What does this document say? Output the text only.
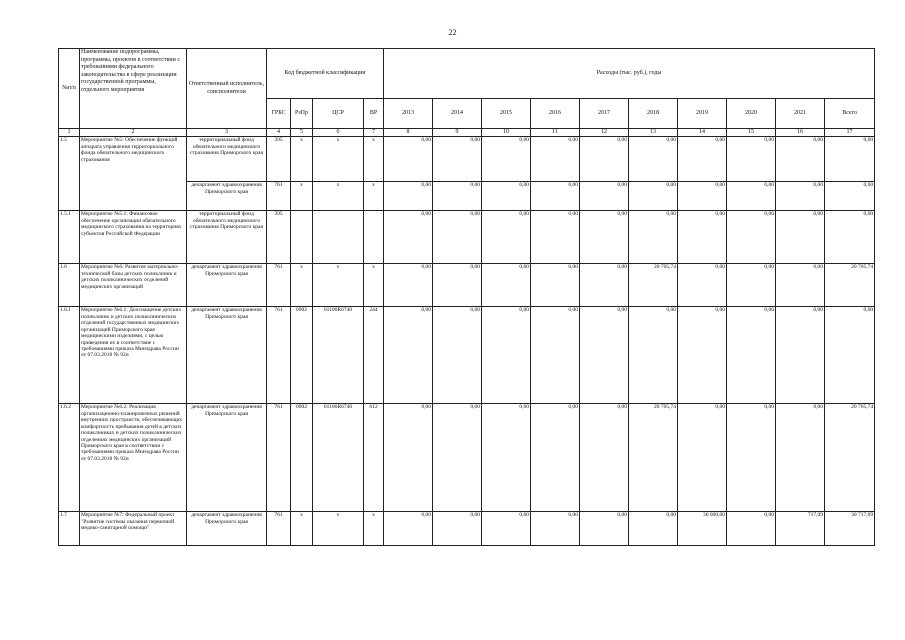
22
№п/п	Наименование подпрограммы, программы, проектов в соответствии с требованиями федерального законодательства в сфере реализации государственной программы, отдельного мероприятия	Ответственный исполнитель, соисполнители	Код бюджетной классификации				Расходы (тыс. руб.), годы									
			ГРБС	РзПр	ЦСР	ВР	2013	2014	2015	2016	2017	2018	2019	2020	2021	Всего
1	2	3	4	5	6	7	8	9	10	11	12	13	14	15	16	17
1.5	Мероприятие №5: Обеспечение функций аппарата управления территориального фонда обязательного медицинского страхования	территориальный фонд обязательного медицинского страхования Приморского края	395	х	х	х	0,00	0,00	0,00	0,00	0,00	0,00	0,00	0,00	0,00	0,00
		департамент здравоохранения Приморского края	761	х	х	х	0,00	0,00	0,00	0,00	0,00	0,00	0,00	0,00	0,00	0,00
1.5.1	Мероприятие №5.1: Финансовое обеспечение организации обязательного медицинского страхования на территориях субъектов Российской Федерации	территориальный фонд обязательного медицинского страхования Приморского края	395				0,00	0,00	0,00	0,00	0,00	0,00	0,00	0,00	0,00	0,00
1.6	Мероприятие №6: Развитие материально-технической базы детских поликлиник и детских поликлинических отделений медицинских организаций	департамент здравоохранения Приморского края	761	х	х	х	0,00	0,00	0,00	0,00	0,00	20 705,74	0,00	0,00	0,00	20 705,74
1.6.1	Мероприятие №6.1: Дооснащение детских поликлиник и детских поликлинических отделений государственных медицинских организаций Приморского края медицинскими изделиями, с целью приведения их в соответствие с требованиями приказа Минздрава России от 07.03.2018 № 92н	департамент здравоохранения Приморского края	761	0902	01106R6740	244	0,00	0,00	0,00	0,00	0,00	0,00	0,00	0,00	0,00	0,00
1.6.2	Мероприятие №6.2: Реализация организационно-планировочных решений внутренних пространств, обеспечивающих комфортность пребывания детей в детских поликлиниках и детских поликлинических отделениях медицинских организаций Приморского края в соответствии с требованиями приказа Минздрава России от 07.03.2018 № 92н	департамент здравоохранения Приморского края	761	0902	01106R6740	612	0,00	0,00	0,00	0,00	0,00	20 705,74	0,00	0,00	0,00	20 705,74
1.7	Мероприятие №7: Федеральный проект "Развитие системы оказания первичной медико-санитарной помощи"	департамент здравоохранения Приморского края	761	х	х	х	0,00	0,00	0,00	0,00	0,00	0,00	30 000,00	0,00	717,09	30 717,09
